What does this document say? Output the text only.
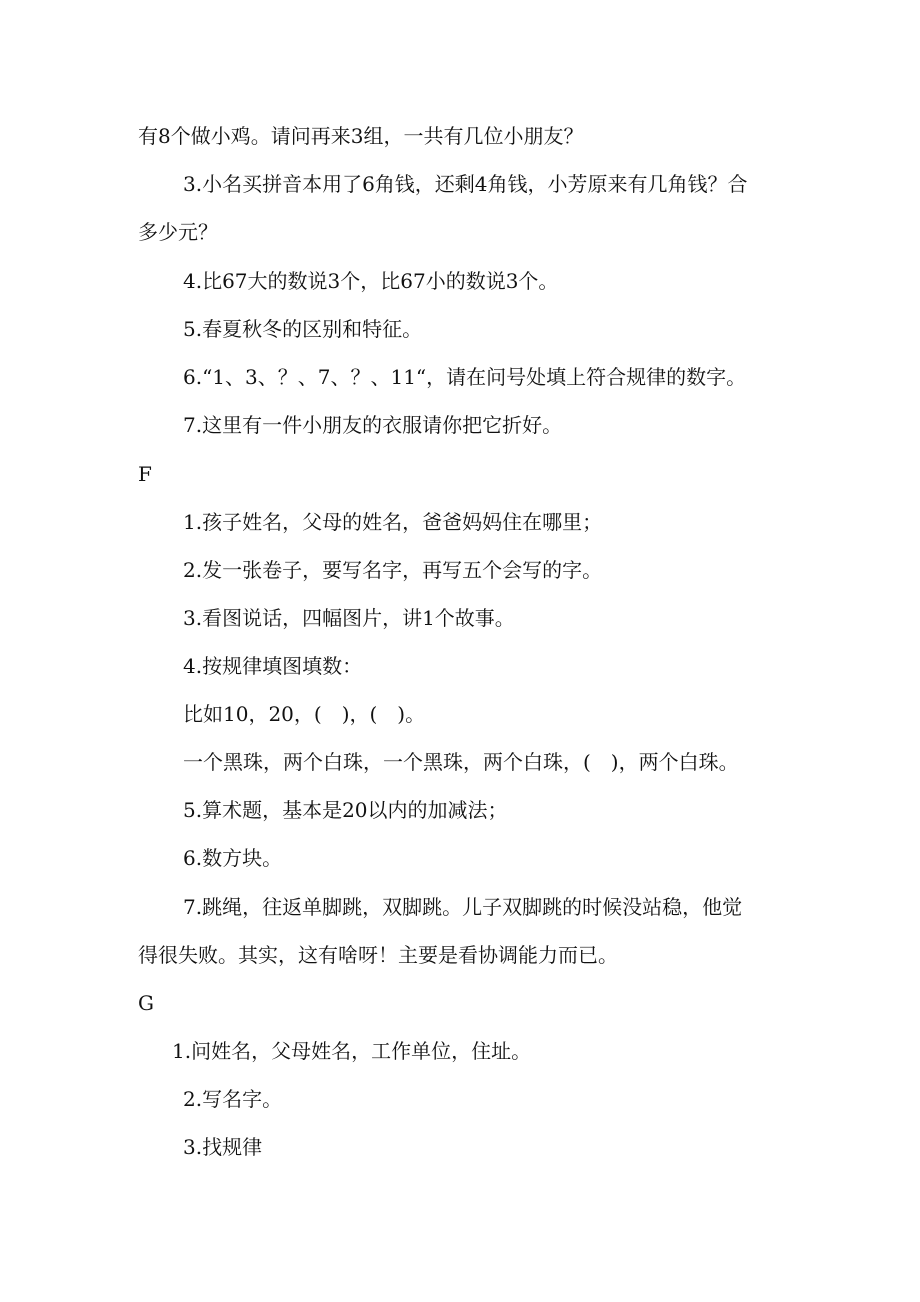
有8个做小鸡。请问再来3组，一共有几位小朋友？
3.小名买拼音本用了6角钱，还剩4角钱，小芳原来有几角钱？合
多少元？
4.比67大的数说3个，比67小的数说3个。
5.春夏秋冬的区别和特征。
6.“1、3、？、7、？、11“，请在问号处填上符合规律的数字。
7.这里有一件小朋友的衣服请你把它折好。
F
1.孩子姓名，父母的姓名，爸爸妈妈住在哪里；
2.发一张卷子，要写名字，再写五个会写的字。
3.看图说话，四幅图片，讲1个故事。
4.按规律填图填数：
比如10，20，(　)，(　)。
一个黑珠，两个白珠，一个黑珠，两个白珠，(　)，两个白珠。
5.算术题，基本是20以内的加减法；
6.数方块。
7.跳绳，往返单脚跳，双脚跳。儿子双脚跳的时候没站稳，他觉
得很失败。其实，这有啥呀！主要是看协调能力而已。
G
1.问姓名，父母姓名，工作单位，住址。
2.写名字。
3.找规律
